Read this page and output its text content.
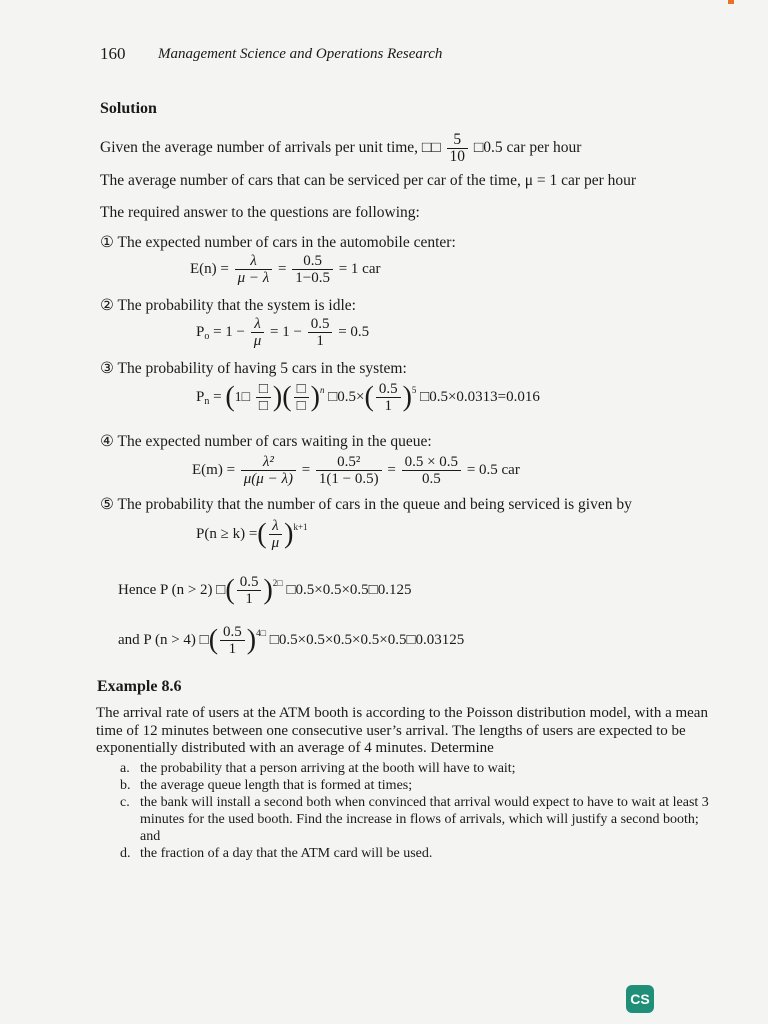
160 Management Science and Operations Research
Solution
Given the average number of arrivals per unit time, □□ $\frac{5}{10}$ □0.5 car per hour
The average number of cars that can be serviced per car of the time, μ = 1 car per hour
The required answer to the questions are following:
① The expected number of cars in the automobile center:
$E(n) = \frac{\lambda}{\mu - \lambda} = \frac{0.5}{1-0.5} = 1$ car
② The probability that the system is idle:
$P_o = 1 - \frac{\lambda}{\mu} = 1 - \frac{0.5}{1} = 0.5$
③ The probability of having 5 cars in the system:
$P_n$ = (1□ $\frac{□}{□}$ )( $\frac{□}{□} )^n$ □0.5×( $\frac{0.5}{1} )^5$ □0.5×0.0313=0.016
④ The expected number of cars waiting in the queue:
$E(m) = \frac{\text{λ²}}{\mu(\mu - \lambda)} = \frac{\text{0.5²}}{1(1 - 0.5)} = \frac{0.5 \times 0.5}{0.5} = 0.5$ car
⑤ The probability that the number of cars in the queue and being serviced is given by
P(n ≥ k) =( $\frac{\lambda}{\mu} )^{k+1}$
Hence P (n > 2) □( $\frac{0.5}{1} )^{2□}$ □0.5×0.5×0.5□0.125
and P (n > 4) □( $\frac{0.5}{1} )^{4□}$ □0.5×0.5×0.5×0.5×0.5□0.03125
Example 8.6
The arrival rate of users at the ATM booth is according to the Poisson distribution model, with a mean time of 12 minutes between one consecutive user’s arrival. The lengths of users are expected to be exponentially distributed with an average of 4 minutes. Determine
a. the probability that a person arriving at the booth will have to wait;
b. the average queue length that is formed at times;
c. the bank will install a second both when convinced that arrival would expect to have to wait at least 3 minutes for the used booth. Find the increase in flows of arrivals, which will justify a second booth; and
d. the fraction of a day that the ATM card will be used.
CS
